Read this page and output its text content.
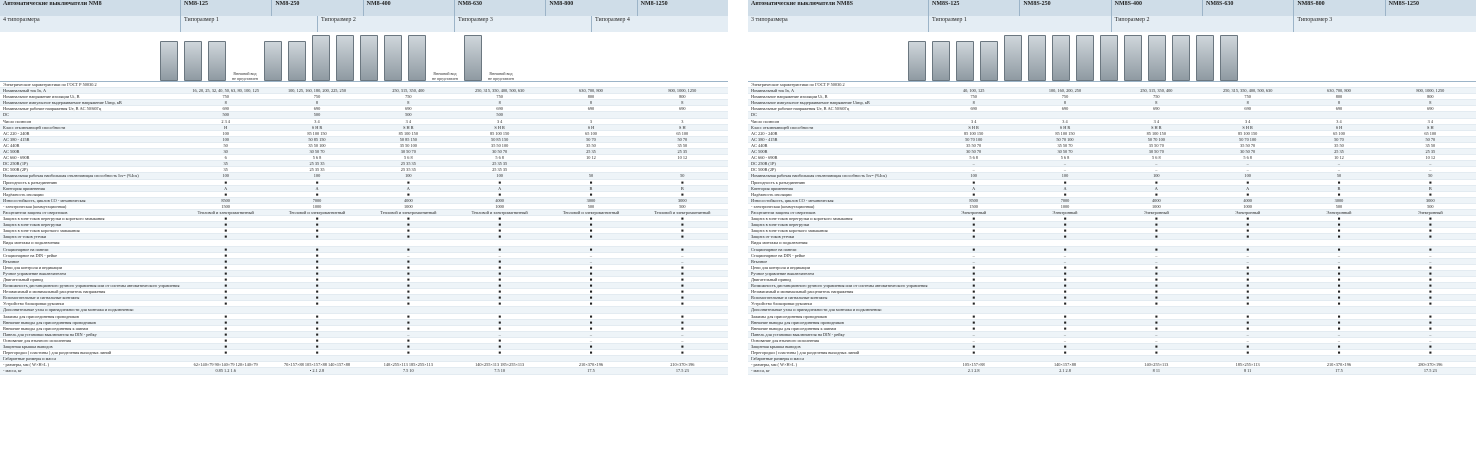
Автоматические выключатели NM8	NM8-125	NM8-250	NM8-400	NM8-630	NM8-800	NM8-1250
4 типоразмера	Типоразмер 1	Типоразмер 2	Типоразмер 3	Типоразмер 4
Внешний вид не представлен
Внешний вид не представлен
Внешний вид не представлен
Электрические характеристики по ГОСТ Р 50030.2
Номинальный ток In, А	16, 20, 25, 32, 40, 50, 63, 80, 100, 125	100, 125, 160, 180, 200, 225, 250	250, 315, 350, 400	250, 315, 350, 400, 500, 630	630, 700, 800	800, 1000, 1250
Номинальное напряжение изоляции Ui, В	750	750	750	750	800	800
Номинальное импульсное выдерживаемое напряжение Uimp, кВ	8	8	8	8	8	8
Номинальные рабочие напряжения Ue, В AC 50/60Гц	690	690	690	690	690	690
DC	500	500	500	500
Число полюсов	2 3 4	3 4	3 4	3 4	3	3
Класс отключающей способности	H	S H R	S H R	S H R	S H	S H
AC 220 - 240В	100	85 100 150	85 100 150	85 100 150	65 100	65 100
AC 380 - 415В	100	50 85 150	50 85 150	50 85 150	50 70	50 70
AC 440В	50	35 50 100	35 50 100	35 50 100	35 50	35 50
AC 500В	30	30 50 70	30 50 70	30 50 70	25 35	25 35
AC 660 - 690В	6	5 6 8	5 6 8	5 6 8	10 12	10 12
DC 250В (1P)	35	25 35 35	25 35 35	25 35 35
DC 500В (2P)	35	25 35 35	25 35 35	25 35 35
Номинальная рабочая наибольшая отключающая способность Ics= (%Icu)	100	100	100	100	50	50
Пригодность к разъединению	■	■	■	■	■	■
Категория применения	A	A	A	A	B	B
Надёжность изоляции	■	■	■	■	■	■
Износостойкость, циклов СО - механическая	8500	7000	4000	4000	3000	3000
- электрическая (коммутационная)	1500	1000	1000	1000	500	500
Расцепители защиты от сверхтоков	Тепловой и электромагнитный	Тепловой и электромагнитный	Тепловой и электромагнитный	Тепловой и электромагнитный	Тепловой и электромагнитный	Тепловой и электромагнитный
Защита в зоне токов перегрузки и короткого замыкания	■	■	■	■	■	■
Защита в зоне токов перегрузки	■	■	■	■	■	■
Защита в зоне токов короткого замыкания	■	■	■	■	■	■
Защита от токов утечки	■	■	■	■	■	■
Виды монтажа и подключения:
Стационарное на панели	■	■	■	■	■	■
Стационарное на DIN - рейке	■	■	–	–	–	–
Втычное	■	■	■	■	–	–
Цепи для контроля и индикации	■	■	■	■	■	■
Ручное управление выключателем	■	■	■	■	■	■
Двигательный привод	■	■	■	■	■	■
Возможность дистанционного ручного управления или от системы автоматического управления	■	■	■	■	■	■
Независимый и минимальный расцепитель напряжения	■	■	■	■	■	■
Вспомогательные и сигнальные контакты	■	■	■	■	■	■
Устройство блокировки рукоятки	■	■	■	■	■	■
Дополнительные узлы и принадлежности для монтажа и подключения:
Зажимы для присоединения проводников	■	■	■	■	■	■
Внешние выводы для присоединения проводников	■	■	■	■	■	■
Внешние выводы для присоединения к шинам	■	■	■	■	■	■
Панель для установки выключателя на DIN - рейку	■	■	–	–	–	–
Основание для втычного исполнения	■	■	■	■	–	–
Защитная крышка выводов	■	■	■	■	■	■
Перегородки ( пластины ) для разделения выходных линий	■	■	■	■	■	■
Габаритные размеры и масса
- размеры, мм ( W×H×L )	62×140×79 90×140×79 120×140×79	70×157×88 105×157×88 140×157×88	140×255×113 185×255×113	140×255×113 185×255×113	210×370×196	210×370×196
- масса, кг	0.85 1.2 1.6	• 2.1 2.8	7.5 10	7.5 10	17.5	17.5 23
Автоматические выключатели NM8S	NM8S-125	NM8S-250	NM8S-400	NM8S-630	NM8S-800	NM8S-1250
3 типоразмера	Типоразмер 1	Типоразмер 2	Типоразмер 3
Электрические характеристики по ГОСТ Р 50030.2
Номинальный ток In, А	40, 100, 125	100, 160, 200, 250	250, 315, 350, 400	250, 315, 350, 400, 500, 630	630, 700, 800	800, 1000, 1250
Номинальное напряжение изоляции Ui, В	750	750	750	750	800	800
Номинальное импульсное выдерживаемое напряжение Uimp, кВ	8	8	8	8	8	8
Номинальные рабочие напряжения Ue, В AC 50/60Гц	690	690	690	690	690	690
DC
Число полюсов	3 4	3 4	3 4	3 4	3 4	3 4
Класс отключающей способности	S H R	S H R	S H R	S H R	S H	S H
AC 220 - 240В	85 100 150	85 100 150	85 100 150	85 100 150	65 100	65 100
AC 380 - 415В	50 70 100	50 70 100	50 70 100	50 70 100	50 70	50 70
AC 440В	35 50 70	35 50 70	35 50 70	35 50 70	35 50	35 50
AC 500В	30 50 70	30 50 70	30 50 70	30 50 70	25 35	25 35
AC 660 - 690В	5 6 8	5 6 8	5 6 8	5 6 8	10 12	10 12
DC 250В (1P)	–	–	–	–	–	–
DC 500В (2P)	–	–	–	–	–	–
Номинальная рабочая наибольшая отключающая способность Ics= (%Icu)	100	100	100	100	50	50
Пригодность к разъединению	■	■	■	■	■	■
Категория применения	A	A	A	A	B	B
Надёжность изоляции	■	■	■	■	■	■
Износостойкость, циклов СО - механическая	8500	7000	4000	4000	3000	3000
- электрическая (коммутационная)	1500	1000	1000	1000	500	500
Расцепители защиты от сверхтоков	Электронный	Электронный	Электронный	Электронный	Электронный	Электронный
Защита в зоне токов перегрузки и короткого замыкания	■	■	■	■	■	■
Защита в зоне токов перегрузки	■	■	■	■	■	■
Защита в зоне токов короткого замыкания	■	■	■	■	■	■
Защита от токов утечки	■	■	■	■	■	■
Виды монтажа и подключения:
Стационарное на панели	■	■	■	■	■	■
Стационарное на DIN - рейке	–	–	–	–	–	–
Втычное	–	–	–	–	–	–
Цепи для контроля и индикации	■	■	■	■	■	■
Ручное управление выключателем	■	■	■	■	■	■
Двигательный привод	■	■	■	■	■	■
Возможность дистанционного ручного управления или от системы автоматического управления	■	■	■	■	■	■
Независимый и минимальный расцепитель напряжения	■	■	■	■	■	■
Вспомогательные и сигнальные контакты	■	■	■	■	■	■
Устройство блокировки рукоятки	■	■	■	■	■	■
Дополнительные узлы и принадлежности для монтажа и подключения:
Зажимы для присоединения проводников	■	■	■	■	■	■
Внешние выводы для присоединения проводников	■	■	■	■	■	■
Внешние выводы для присоединения к шинам	■	■	■	■	■	■
Панель для установки выключателя на DIN - рейку	–	–	–	–	–	–
Основание для втычного исполнения	–	–	–	–	–	–
Защитная крышка выводов	■	■	■	■	■	■
Перегородки ( пластины ) для разделения выходных линий	■	■	■	■	■	■
Габаритные размеры и масса
- размеры, мм ( W×H×L )	105×157×88	140×157×88	140×255×113	185×255×113	210×370×196	280×370×196
- масса, кг	2.1 2.8	2.1 2.8	8 11	8 11	17.5	17.5 23
